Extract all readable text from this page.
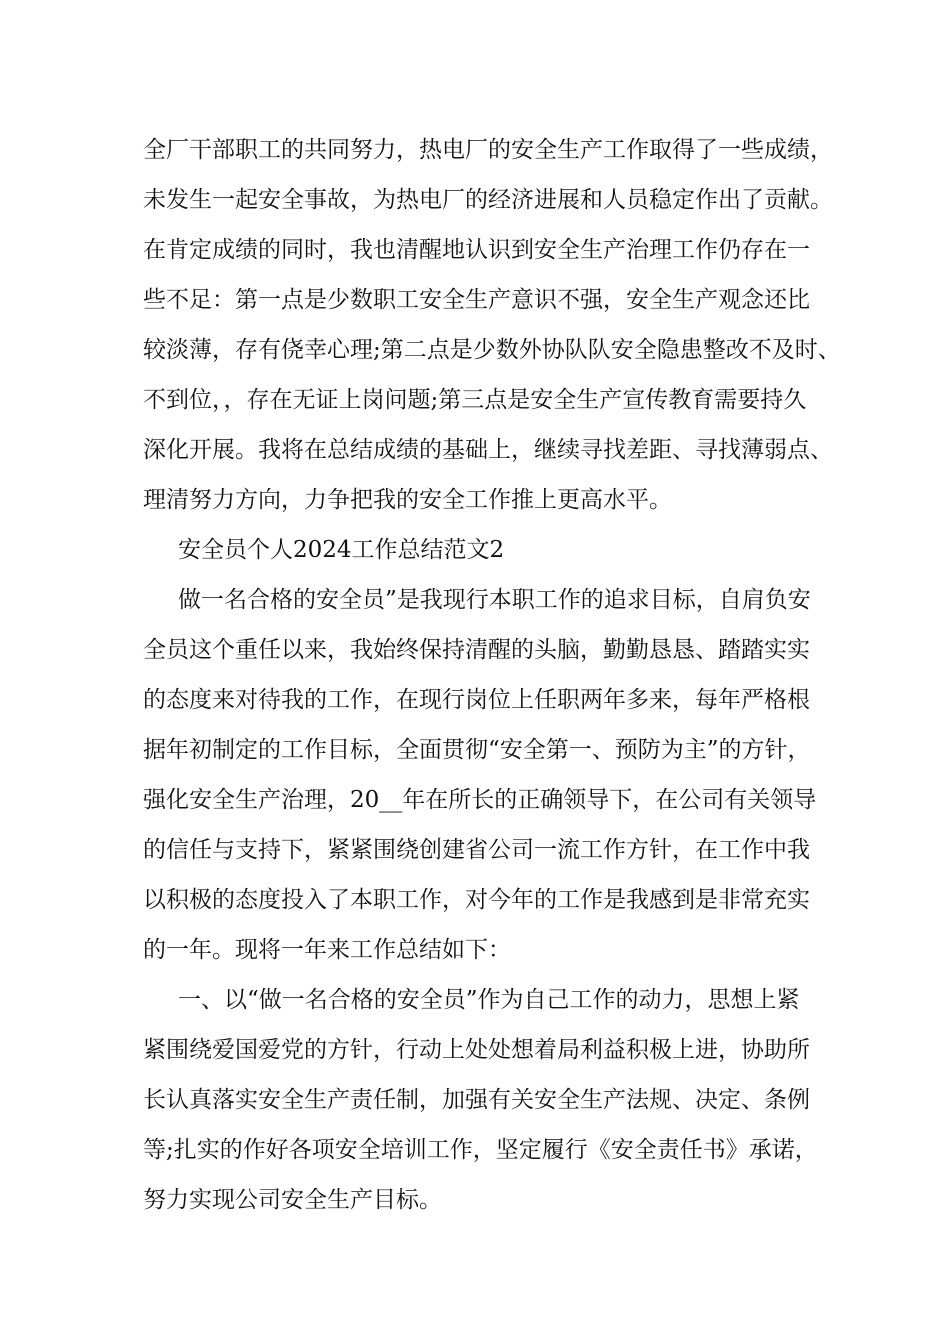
全厂干部职工的共同努力，热电厂的安全生产工作取得了一些成绩，
未发生一起安全事故，为热电厂的经济进展和人员稳定作出了贡献。
在肯定成绩的同时，我也清醒地认识到安全生产治理工作仍存在一
些不足：第一点是少数职工安全生产意识不强，安全生产观念还比
较淡薄，存有侥幸心理;第二点是少数外协队队安全隐患整改不及时、
不到位，，存在无证上岗问题;第三点是安全生产宣传教育需要持久
深化开展。我将在总结成绩的基础上，继续寻找差距、寻找薄弱点、
理清努力方向，力争把我的安全工作推上更高水平。
安全员个人2024工作总结范文2
做一名合格的安全员”是我现行本职工作的追求目标，自肩负安
全员这个重任以来，我始终保持清醒的头脑，勤勤恳恳、踏踏实实
的态度来对待我的工作，在现行岗位上任职两年多来，每年严格根
据年初制定的工作目标，全面贯彻“安全第一、预防为主”的方针，
强化安全生产治理，20__年在所长的正确领导下，在公司有关领导
的信任与支持下，紧紧围绕创建省公司一流工作方针，在工作中我
以积极的态度投入了本职工作，对今年的工作是我感到是非常充实
的一年。现将一年来工作总结如下：
一、以“做一名合格的安全员”作为自己工作的动力，思想上紧
紧围绕爱国爱党的方针，行动上处处想着局利益积极上进，协助所
长认真落实安全生产责任制，加强有关安全生产法规、决定、条例
等;扎实的作好各项安全培训工作，坚定履行《安全责任书》承诺，
努力实现公司安全生产目标。
